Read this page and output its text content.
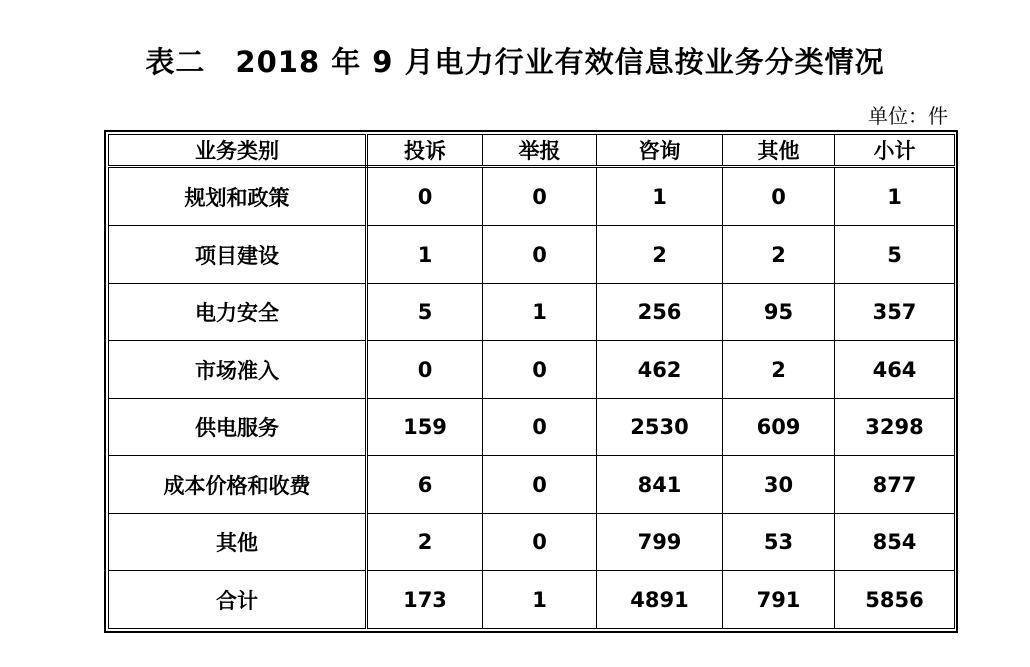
表二　2018 年 9 月电力行业有效信息按业务分类情况
单位：件
业务类别	投诉	举报	咨询	其他	小计
规划和政策	0	0	1	0	1
项目建设	1	0	2	2	5
电力安全	5	1	256	95	357
市场准入	0	0	462	2	464
供电服务	159	0	2530	609	3298
成本价格和收费	6	0	841	30	877
其他	2	0	799	53	854
合计	173	1	4891	791	5856
